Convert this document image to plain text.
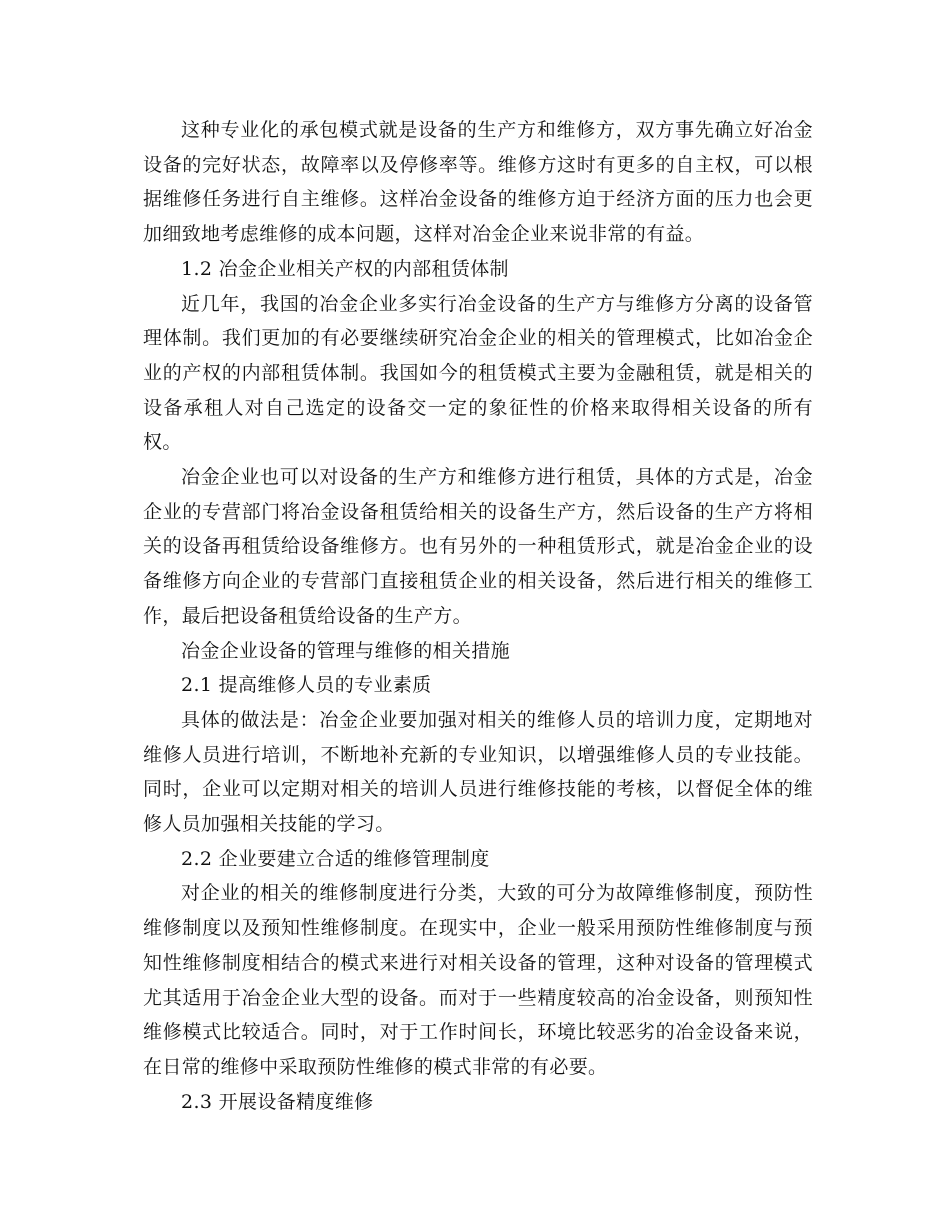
这种专业化的承包模式就是设备的生产方和维修方，双方事先确立好冶金设备的完好状态，故障率以及停修率等。维修方这时有更多的自主权，可以根据维修任务进行自主维修。这样冶金设备的维修方迫于经济方面的压力也会更加细致地考虑维修的成本问题，这样对冶金企业来说非常的有益。

1.2 冶金企业相关产权的内部租赁体制

近几年，我国的冶金企业多实行冶金设备的生产方与维修方分离的设备管理体制。我们更加的有必要继续研究冶金企业的相关的管理模式，比如冶金企业的产权的内部租赁体制。我国如今的租赁模式主要为金融租赁，就是相关的设备承租人对自己选定的设备交一定的象征性的价格来取得相关设备的所有权。

冶金企业也可以对设备的生产方和维修方进行租赁，具体的方式是，冶金企业的专营部门将冶金设备租赁给相关的设备生产方，然后设备的生产方将相关的设备再租赁给设备维修方。也有另外的一种租赁形式，就是冶金企业的设备维修方向企业的专营部门直接租赁企业的相关设备，然后进行相关的维修工作，最后把设备租赁给设备的生产方。

冶金企业设备的管理与维修的相关措施

2.1 提高维修人员的专业素质

具体的做法是：冶金企业要加强对相关的维修人员的培训力度，定期地对维修人员进行培训，不断地补充新的专业知识，以增强维修人员的专业技能。同时，企业可以定期对相关的培训人员进行维修技能的考核，以督促全体的维修人员加强相关技能的学习。

2.2 企业要建立合适的维修管理制度

对企业的相关的维修制度进行分类，大致的可分为故障维修制度，预防性维修制度以及预知性维修制度。在现实中，企业一般采用预防性维修制度与预知性维修制度相结合的模式来进行对相关设备的管理，这种对设备的管理模式尤其适用于冶金企业大型的设备。而对于一些精度较高的冶金设备，则预知性维修模式比较适合。同时，对于工作时间长，环境比较恶劣的冶金设备来说，在日常的维修中采取预防性维修的模式非常的有必要。

2.3 开展设备精度维修
